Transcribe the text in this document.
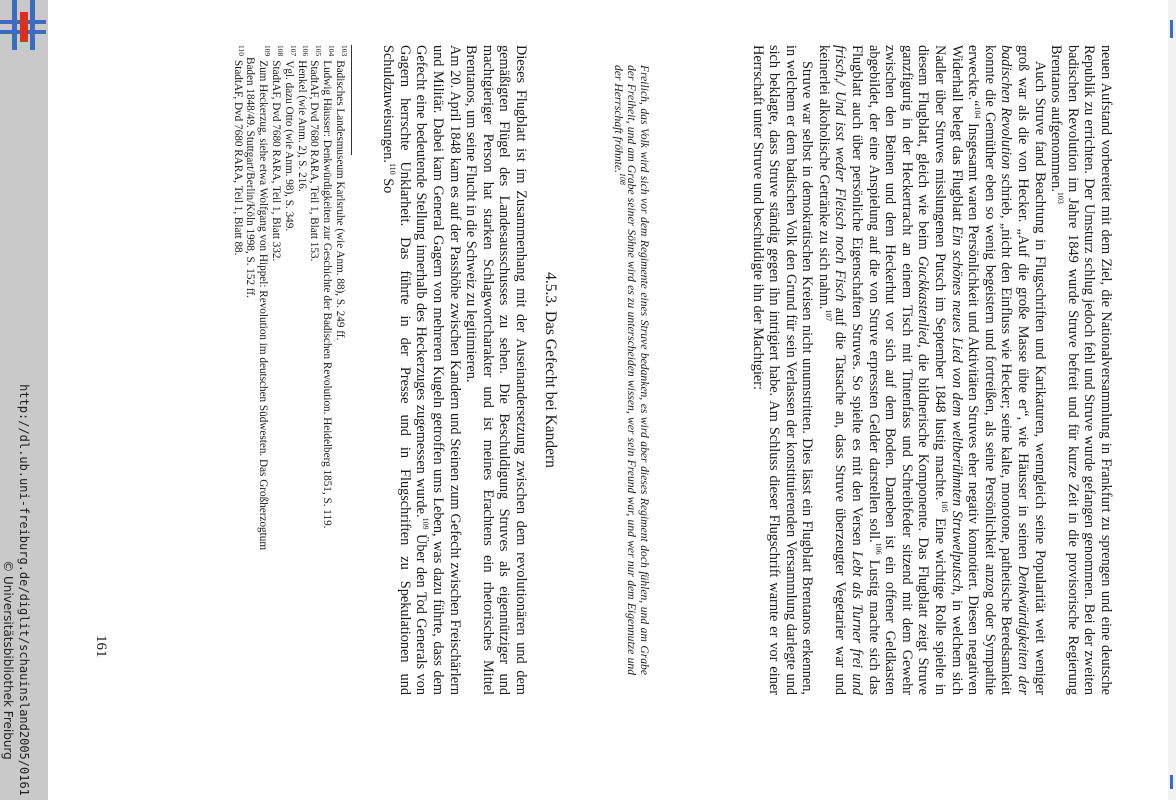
http://dl.ub.uni-freiburg.de/diglit/schauinsland2005/0161
© Universitätsbibliothek Freiburg	neuen Aufstand vorbereitet mit dem Ziel, die Nationalversammlung in Frankfurt zu sprengen und eine deutsche Republik zu errichten. Der Umsturz schlug jedoch fehl und Struve wurde gefangen genommen. Bei der zweiten badischen Revolution im Jahre 1849 wurde Struve befreit und für kurze Zeit in die provisorische Regierung Brentanos aufgenommen.$^{103}$

Auch Struve fand Beachtung in Flugschriften und Karikaturen, wenngleich seine Popularität weit weniger groß war als die von Hecker. „Auf die große Masse übte er“, wie Häusser in seinen Denkwürdigkeiten der badischen Revolution schrieb, „nicht den Einfluss wie Hecker; seine kalte, monotone, pathetische Beredsamkeit konnte die Gemüther eben so wenig begeistern und fortreißen, als seine Persönlichkeit anzog oder Sympathie erweckte.“$^{104}$ Insgesamt waren Persönlichkeit und Aktivitäten Struves eher negativ konnotiert. Diesen negativen Widerhall belegt das Flugblatt Ein schönes neues Lied von dem weltberühmten Struwelputsch, in welchem sich Nadler über Struves misslungenen Putsch im September 1848 lustig machte.$^{105}$ Eine wichtige Rolle spielte in diesem Flugblatt, gleich wie beim Guckkastenlied, die bildnerische Komponente. Das Flugblatt zeigt Struve ganzfigurig in der Heckertracht an einem Tisch mit Tintenfass und Schreibfeder sitzend mit dem Gewehr zwischen den Beinen und dem Heckerhut vor sich auf dem Boden. Daneben ist ein offener Geldkasten abgebildet, der eine Anspielung auf die von Struve erpressten Gelder darstellen soll.$^{106}$ Lustig machte sich das Flugblatt auch über persönliche Eigenschaften Struves. So spielte es mit den Versen Lebt als Turner frei und frisch,/ Und isst weder Fleisch noch Fisch auf die Tatsache an, dass Struve überzeugter Vegetarier war und keinerlei alkoholische Getränke zu sich nahm.$^{107}$

Struve war selbst in demokratischen Kreisen nicht unumstritten. Dies lässt ein Flugblatt Brentanos erkennen, in welchem er dem badischen Volk den Grund für sein Verlassen der konstituierenden Versammlung darlegte und sich beklagte, dass Struve ständig gegen ihn intrigiert habe. Am Schluss dieser Flugschrift warnte er vor einer Herrschaft unter Struve und beschuldigte ihn der Machtgier:

Freilich, das Volk wird sich vor dem Regimente eines Struve bedanken, es wird aber dieses Regiment doch fühlen, und am Grabe der Freiheit, und am Grabe seiner Söhne wird es zu unterscheiden wissen, wer sein Freund war, und wer nur dem Eigennutze und der Herrschaft fröhnte.$^{108}$
4.5.3. Das Gefecht bei Kandern

Dieses Flugblatt ist im Zusammenhang mit der Auseinandersetzung zwischen dem revolutionären und dem gemäßigten Flügel des Landesausschusses zu sehen. Die Beschuldigung Struves als eigennütziger und machtgieriger Person hat starken Schlagwortcharakter und ist meines Erachtens ein rhetorisches Mittel Brentanos, um seine Flucht in die Schweiz zu legitimieren.

Am 20. April 1848 kam es auf der Passhöhe zwischen Kandern und Steinen zum Gefecht zwischen Freischärlern und Militär. Dabei kam General Gagern von mehreren Kugeln getroffen ums Leben, was dazu führte, dass dem Gefecht eine bedeutende Stellung innerhalb des Heckerzuges zugemessen wurde.$^{109}$ Über den Tod Generals von Gagern herrschte Unklarheit. Das führte in der Presse und in Flugschriften zu Spekulationen und Schuldzuweisungen.$^{110}$ So

$^{103}$Badisches Landesmuseum Karlsruhe (wie Anm. 88), S. 249 ff.

$^{104}$Ludwig Häusser: Denkwürdigkeiten zur Geschichte der Badischen Revolution. Heidelberg 1851, S. 119.

$^{105}$StadtAF, Dvd 7680 RARA, Teil 1, Blatt 153.

$^{106}$Henkel (wie Anm. 2), S. 216.

$^{107}$Vgl. dazu Otto (wie Anm. 98), S. 349.

$^{108}$StadtAF, Dvd 7680 RARA, Teil 1, Blatt 332.

$^{109}$Zum Heckerzug, siehe etwa Wolfgang von Hippel: Revolution im deutschen Südwesten. Das Großherzogtum

Baden 1848/49. Stuttgart/Berlin/Köln 1998, S. 152 ff.

$^{110}$StadtAF, Dvd 7680 RARA, Teil 1, Blatt 88.

161
